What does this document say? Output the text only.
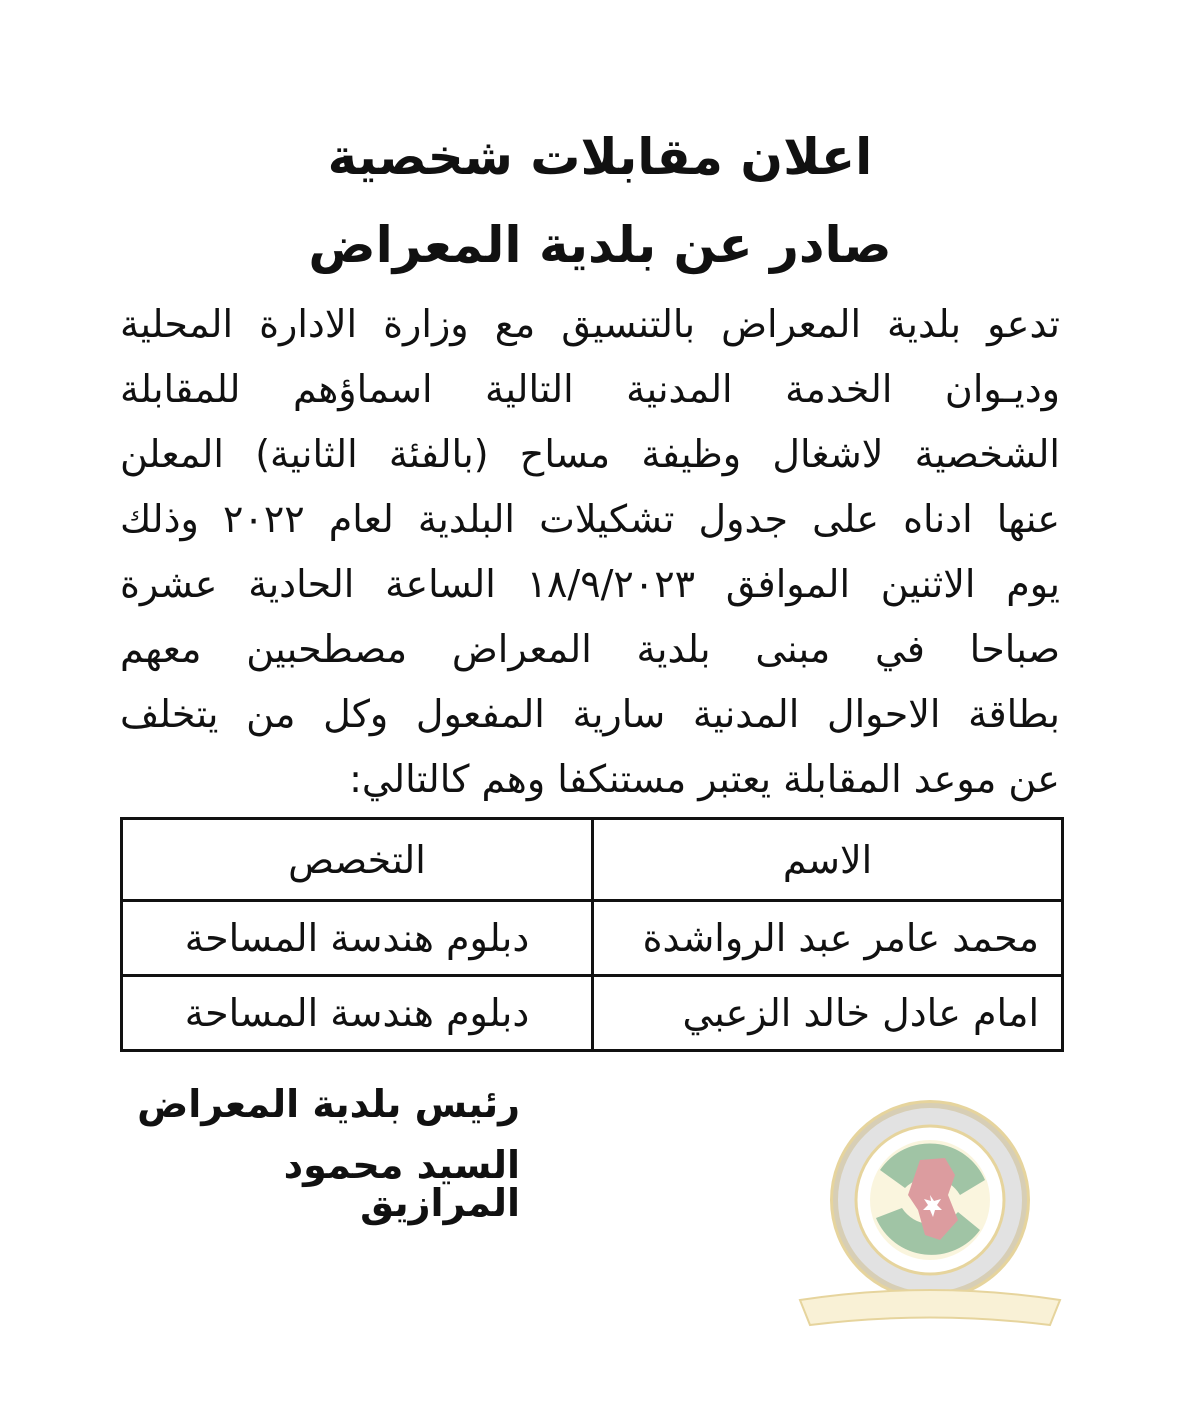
اعلان مقابلات شخصية
صادر عن بلدية المعراض
تدعو بلدية المعراض بالتنسيق مع وزارة الادارة المحلية
وديـوان الخدمة المدنية التالية اسماؤهم للمقابلة
الشخصية لاشغال وظيفة مساح (بالفئة الثانية) المعلن
عنها ادناه على جدول تشكيلات البلدية لعام ٢٠٢٢ وذلك
يوم الاثنين الموافق ١٨/٩/٢٠٢٣ الساعة الحادية عشرة
صباحا في مبنى بلدية المعراض مصطحبين معهم
بطاقة الاحوال المدنية سارية المفعول وكل من يتخلف
عن موعد المقابلة يعتبر مستنكفا وهم كالتالي:
الاسم	التخصص
محمد عامر عبد الرواشدة	دبلوم هندسة المساحة
امام عادل خالد الزعبي	دبلوم هندسة المساحة
رئيس بلدية المعراض
السيد محمود المرازيق
